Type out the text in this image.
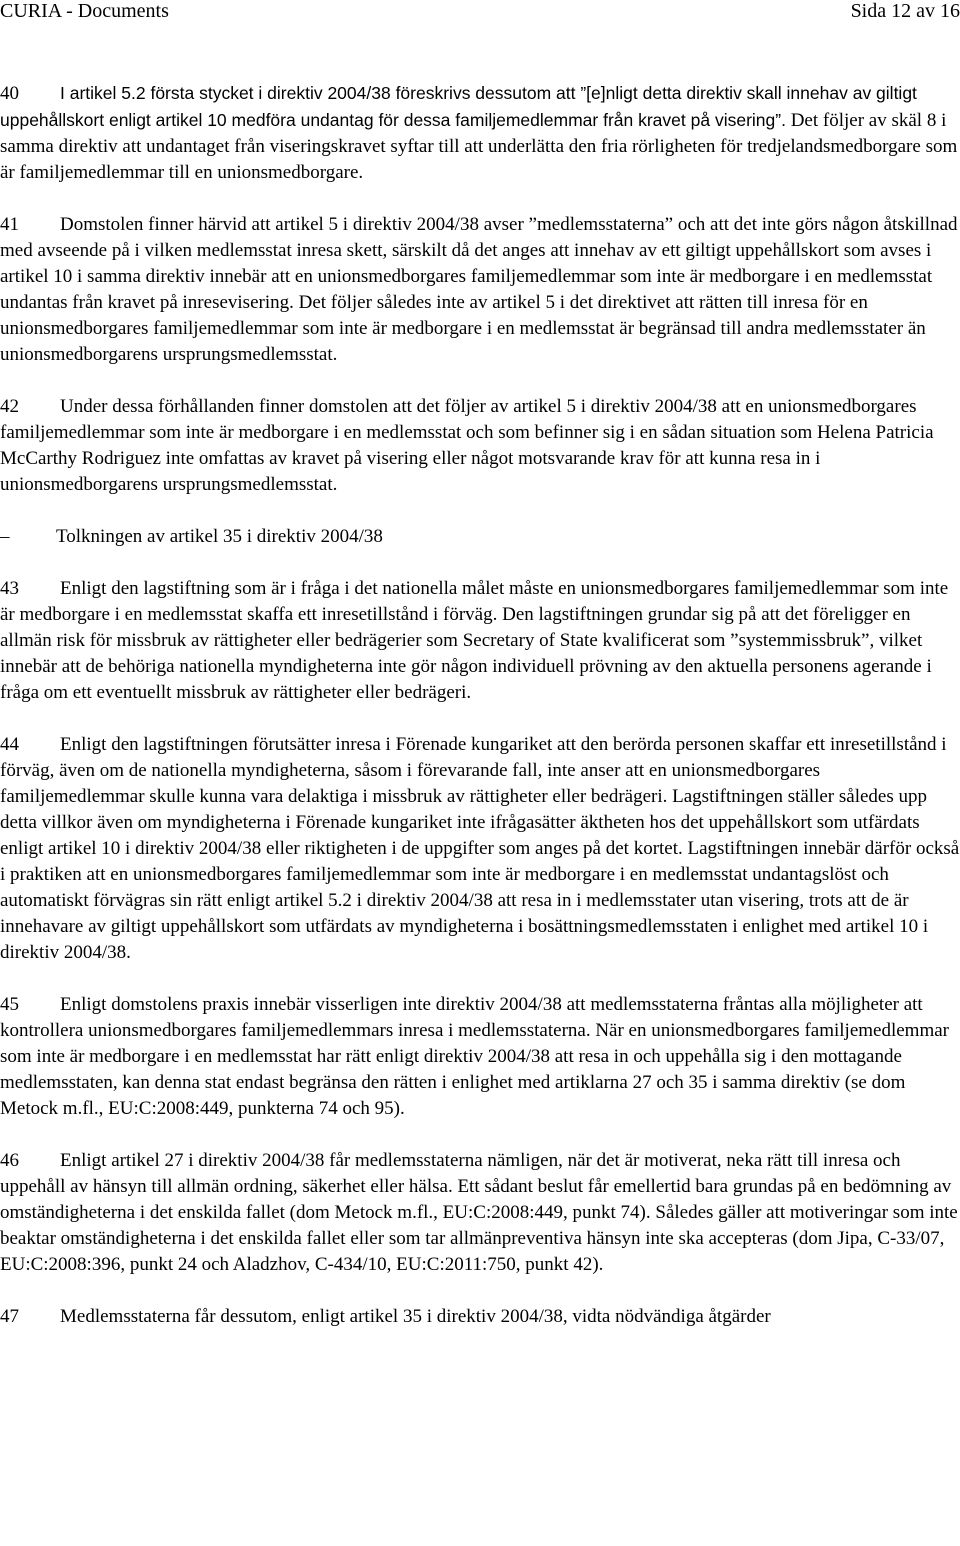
CURIA - Documents	Sida 12 av 16

40 I artikel 5.2 första stycket i direktiv 2004/38 föreskrivs dessutom att ”[e]nligt detta direktiv skall innehav av giltigt uppehållskort enligt artikel 10 medföra undantag för dessa familjemedlemmar från kravet på visering”. Det följer av skäl 8 i samma direktiv att undantaget från viseringskravet syftar till att underlätta den fria rörligheten för tredjelandsmedborgare som är familjemedlemmar till en unionsmedborgare.

41 Domstolen finner härvid att artikel 5 i direktiv 2004/38 avser ”medlemsstaterna” och att det inte görs någon åtskillnad med avseende på i vilken medlemsstat inresa skett, särskilt då det anges att innehav av ett giltigt uppehållskort som avses i artikel 10 i samma direktiv innebär att en unionsmedborgares familjemedlemmar som inte är medborgare i en medlemsstat undantas från kravet på inresevisering. Det följer således inte av artikel 5 i det direktivet att rätten till inresa för en unionsmedborgares familjemedlemmar som inte är medborgare i en medlemsstat är begränsad till andra medlemsstater än unionsmedborgarens ursprungsmedlemsstat.

42 Under dessa förhållanden finner domstolen att det följer av artikel 5 i direktiv 2004/38 att en unionsmedborgares familjemedlemmar som inte är medborgare i en medlemsstat och som befinner sig i en sådan situation som Helena Patricia McCarthy Rodriguez inte omfattas av kravet på visering eller något motsvarande krav för att kunna resa in i unionsmedborgarens ursprungsmedlemsstat.

– Tolkningen av artikel 35 i direktiv 2004/38

43 Enligt den lagstiftning som är i fråga i det nationella målet måste en unionsmedborgares familjemedlemmar som inte är medborgare i en medlemsstat skaffa ett inresetillstånd i förväg. Den lagstiftningen grundar sig på att det föreligger en allmän risk för missbruk av rättigheter eller bedrägerier som Secretary of State kvalificerat som ”systemmissbruk”, vilket innebär att de behöriga nationella myndigheterna inte gör någon individuell prövning av den aktuella personens agerande i fråga om ett eventuellt missbruk av rättigheter eller bedrägeri.

44 Enligt den lagstiftningen förutsätter inresa i Förenade kungariket att den berörda personen skaffar ett inresetillstånd i förväg, även om de nationella myndigheterna, såsom i förevarande fall, inte anser att en unionsmedborgares familjemedlemmar skulle kunna vara delaktiga i missbruk av rättigheter eller bedrägeri. Lagstiftningen ställer således upp detta villkor även om myndigheterna i Förenade kungariket inte ifrågasätter äktheten hos det uppehållskort som utfärdats enligt artikel 10 i direktiv 2004/38 eller riktigheten i de uppgifter som anges på det kortet. Lagstiftningen innebär därför också i praktiken att en unionsmedborgares familjemedlemmar som inte är medborgare i en medlemsstat undantagslöst och automatiskt förvägras sin rätt enligt artikel 5.2 i direktiv 2004/38 att resa in i medlemsstater utan visering, trots att de är innehavare av giltigt uppehållskort som utfärdats av myndigheterna i bosättningsmedlemsstaten i enlighet med artikel 10 i direktiv 2004/38.

45 Enligt domstolens praxis innebär visserligen inte direktiv 2004/38 att medlemsstaterna fråntas alla möjligheter att kontrollera unionsmedborgares familjemedlemmars inresa i medlemsstaterna. När en unionsmedborgares familjemedlemmar som inte är medborgare i en medlemsstat har rätt enligt direktiv 2004/38 att resa in och uppehålla sig i den mottagande medlemsstaten, kan denna stat endast begränsa den rätten i enlighet med artiklarna 27 och 35 i samma direktiv (se dom Metock m.fl., EU:C:2008:449, punkterna 74 och 95).

46 Enligt artikel 27 i direktiv 2004/38 får medlemsstaterna nämligen, när det är motiverat, neka rätt till inresa och uppehåll av hänsyn till allmän ordning, säkerhet eller hälsa. Ett sådant beslut får emellertid bara grundas på en bedömning av omständigheterna i det enskilda fallet (dom Metock m.fl., EU:C:2008:449, punkt 74). Således gäller att motiveringar som inte beaktar omständigheterna i det enskilda fallet eller som tar allmänpreventiva hänsyn inte ska accepteras (dom Jipa, C‑33/07, EU:C:2008:396, punkt 24 och Aladzhov, C‑434/10, EU:C:2011:750, punkt 42).

47 Medlemsstaterna får dessutom, enligt artikel 35 i direktiv 2004/38, vidta nödvändiga åtgärder
